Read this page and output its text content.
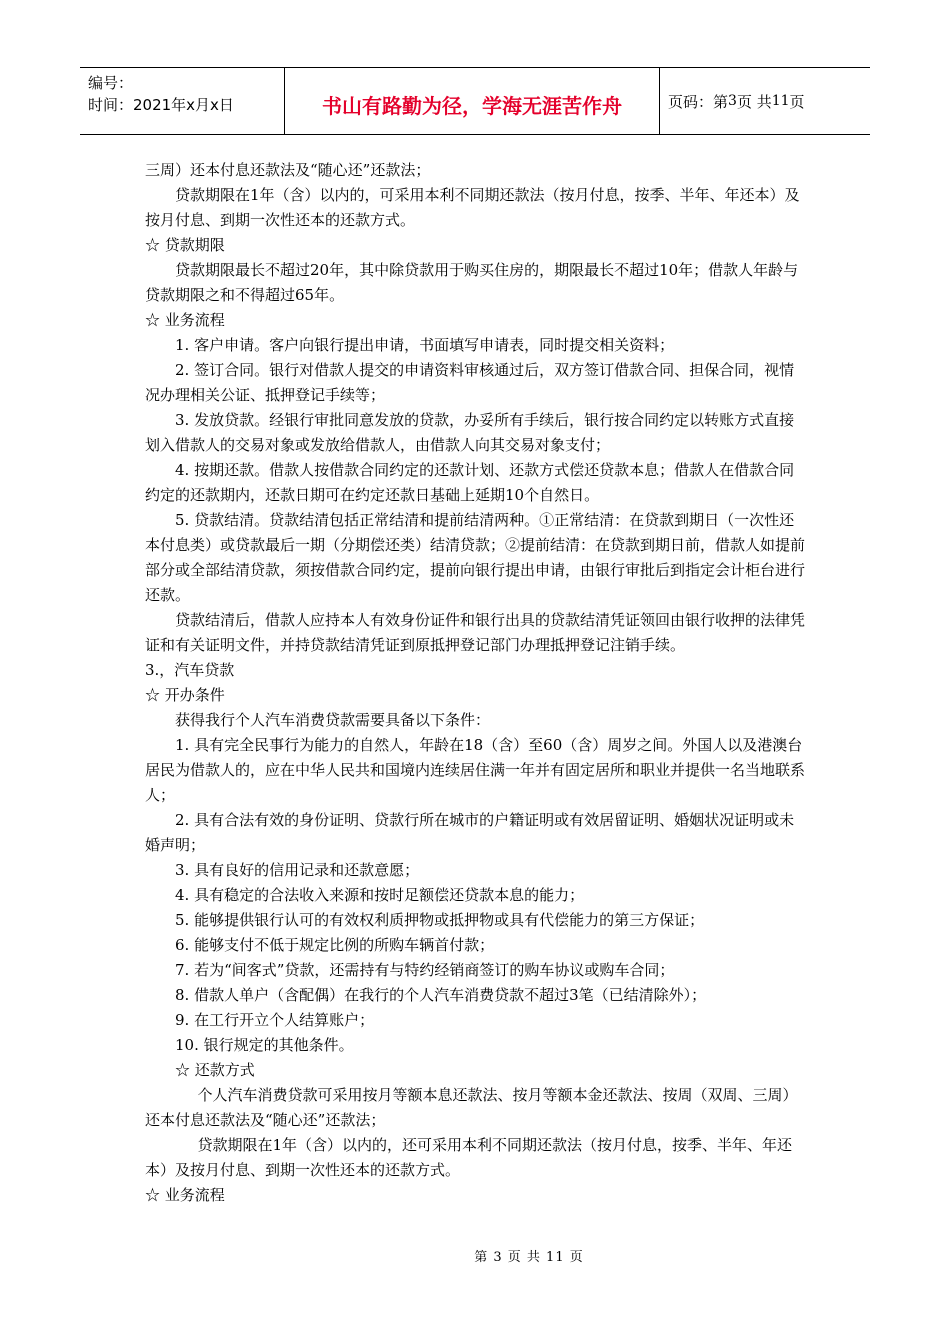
编号：
时间：2021年x月x日	书山有路勤为径，学海无涯苦作舟	页码：第 3 页 共 11 页

三周）还本付息还款法及“随心还”还款法；

贷款期限在1年（含）以内的，可采用本利不同期还款法（按月付息，按季、半年、年还本）及按月付息、到期一次性还本的还款方式。

☆ 贷款期限

贷款期限最长不超过20年，其中除贷款用于购买住房的，期限最长不超过10年；借款人年龄与贷款期限之和不得超过65年。

☆ 业务流程

1. 客户申请。客户向银行提出申请，书面填写申请表，同时提交相关资料；

2. 签订合同。银行对借款人提交的申请资料审核通过后，双方签订借款合同、担保合同，视情况办理相关公证、抵押登记手续等；

3. 发放贷款。经银行审批同意发放的贷款，办妥所有手续后，银行按合同约定以转账方式直接划入借款人的交易对象或发放给借款人，由借款人向其交易对象支付；

4. 按期还款。借款人按借款合同约定的还款计划、还款方式偿还贷款本息；借款人在借款合同约定的还款期内，还款日期可在约定还款日基础上延期10个自然日。

5. 贷款结清。贷款结清包括正常结清和提前结清两种。①正常结清：在贷款到期日（一次性还本付息类）或贷款最后一期（分期偿还类）结清贷款；②提前结清：在贷款到期日前，借款人如提前部分或全部结清贷款，须按借款合同约定，提前向银行提出申请，由银行审批后到指定会计柜台进行还款。

贷款结清后，借款人应持本人有效身份证件和银行出具的贷款结清凭证领回由银行收押的法律凭证和有关证明文件，并持贷款结清凭证到原抵押登记部门办理抵押登记注销手续。

3.，汽车贷款

☆ 开办条件

获得我行个人汽车消费贷款需要具备以下条件：

1. 具有完全民事行为能力的自然人，年龄在18（含）至60（含）周岁之间。外国人以及港澳台居民为借款人的，应在中华人民共和国境内连续居住满一年并有固定居所和职业并提供一名当地联系人；

2. 具有合法有效的身份证明、贷款行所在城市的户籍证明或有效居留证明、婚姻状况证明或未婚声明；

3. 具有良好的信用记录和还款意愿；

4. 具有稳定的合法收入来源和按时足额偿还贷款本息的能力；

5. 能够提供银行认可的有效权利质押物或抵押物或具有代偿能力的第三方保证；

6. 能够支付不低于规定比例的所购车辆首付款；

7. 若为“间客式”贷款，还需持有与特约经销商签订的购车协议或购车合同；

8. 借款人单户（含配偶）在我行的个人汽车消费贷款不超过3笔（已结清除外）；

9. 在工行开立个人结算账户；

10. 银行规定的其他条件。

☆ 还款方式

个人汽车消费贷款可采用按月等额本息还款法、按月等额本金还款法、按周（双周、三周）还本付息还款法及“随心还”还款法；

贷款期限在1年（含）以内的，还可采用本利不同期还款法（按月付息，按季、半年、年还本）及按月付息、到期一次性还本的还款方式。

☆ 业务流程

第 3 页 共 11 页
